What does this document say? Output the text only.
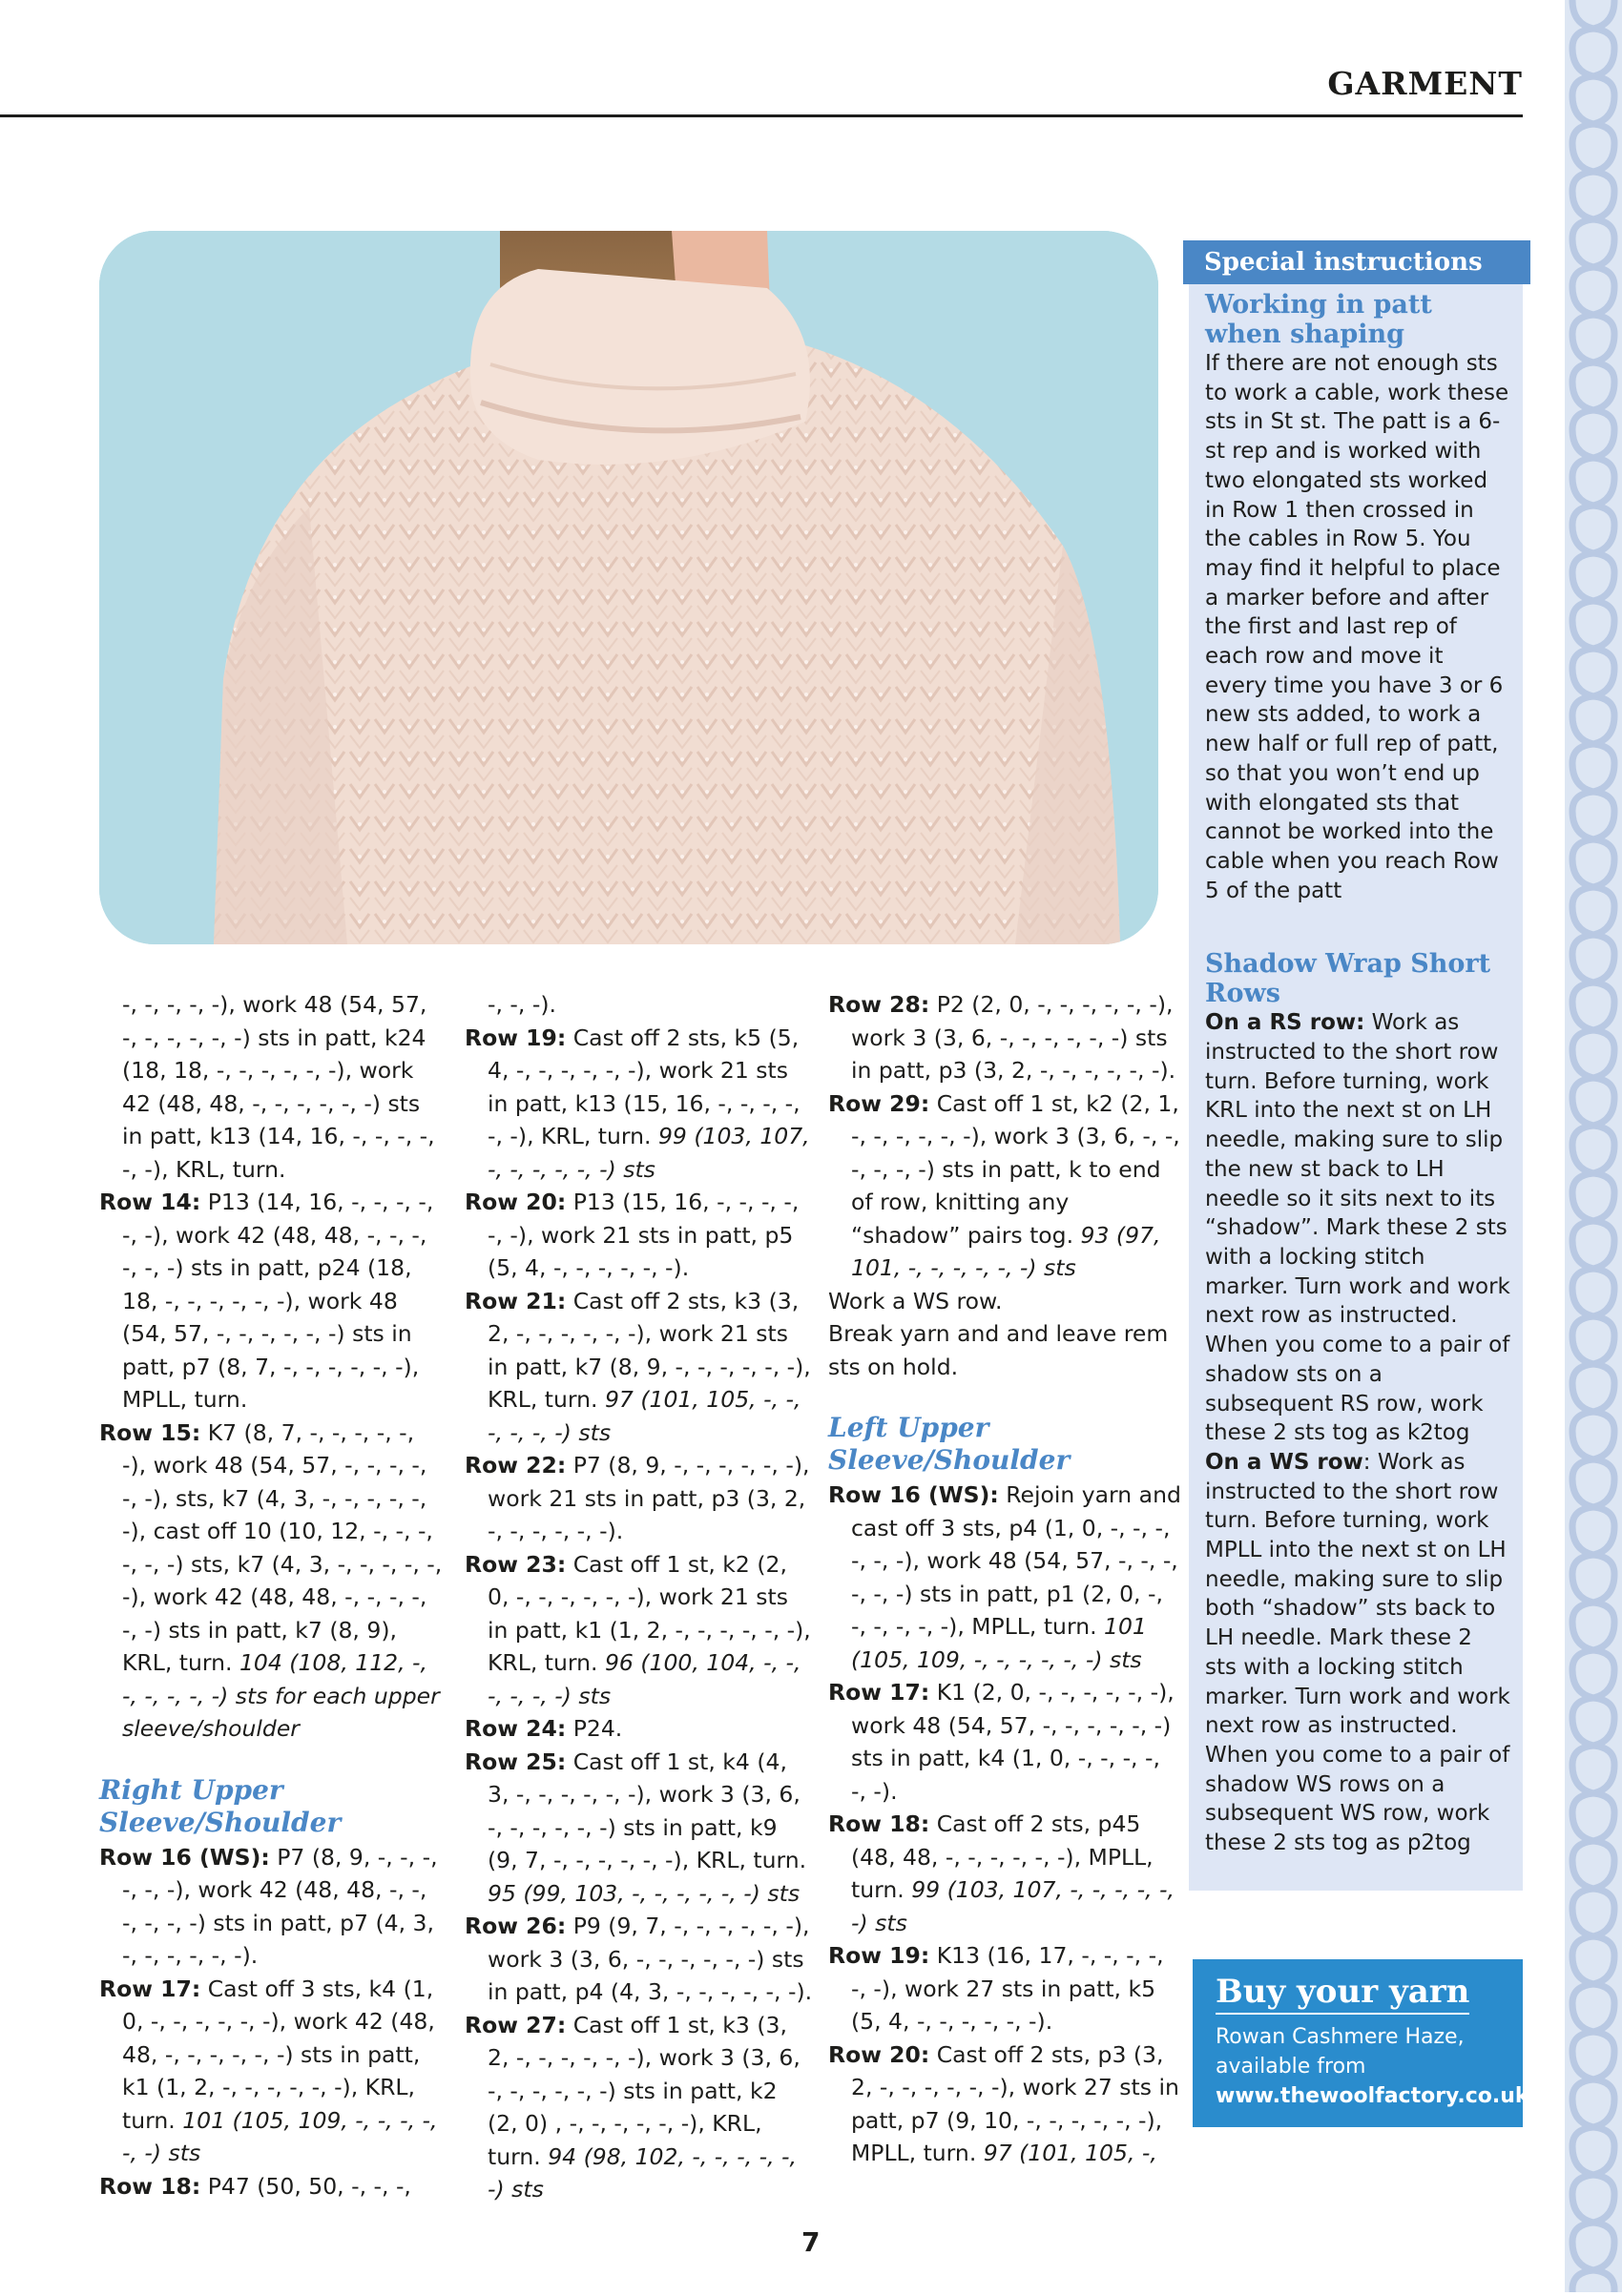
GARMENT

-, -, -, -, -), work 48 (54, 57, -, -, -, -, -, -) sts in patt, k24 (18, 18, -, -, -, -, -, -), work 42 (48, 48, -, -, -, -, -, -) sts in patt, k13 (14, 16, -, -, -, -, -, -), KRL, turn.

Row 14: P13 (14, 16, -, -, -, -, -, -), work 42 (48, 48, -, -, -, -, -, -) sts in patt, p24 (18, 18, -, -, -, -, -, -), work 48 (54, 57, -, -, -, -, -, -) sts in patt, p7 (8, 7, -, -, -, -, -, -), MPLL, turn.

Row 15: K7 (8, 7, -, -, -, -, -, -), work 48 (54, 57, -, -, -, -, -, -), sts, k7 (4, 3, -, -, -, -, -, -), cast off 10 (10, 12, -, -, -, -, -, -) sts, k7 (4, 3, -, -, -, -, -, -), work 42 (48, 48, -, -, -, -, -, -) sts in patt, k7 (8, 9), KRL, turn. 104 (108, 112, -, -, -, -, -, -) sts for each upper sleeve/shoulder

Right Upper Sleeve/Shoulder

Row 16 (WS): P7 (8, 9, -, -, -, -, -, -), work 42 (48, 48, -, -, -, -, -, -) sts in patt, p7 (4, 3, -, -, -, -, -, -).

Row 17: Cast off 3 sts, k4 (1, 0, -, -, -, -, -, -), work 42 (48, 48, -, -, -, -, -, -) sts in patt, k1 (1, 2, -, -, -, -, -, -), KRL, turn. 101 (105, 109, -, -, -, -, -, -) sts

Row 18: P47 (50, 50, -, -, -,

-, -, -).

Row 19: Cast off 2 sts, k5 (5, 4, -, -, -, -, -, -), work 21 sts in patt, k13 (15, 16, -, -, -, -, -, -), KRL, turn. 99 (103, 107, -, -, -, -, -, -) sts

Row 20: P13 (15, 16, -, -, -, -, -, -), work 21 sts in patt, p5 (5, 4, -, -, -, -, -, -).

Row 21: Cast off 2 sts, k3 (3, 2, -, -, -, -, -, -), work 21 sts in patt, k7 (8, 9, -, -, -, -, -, -), KRL, turn. 97 (101, 105, -, -, -, -, -, -) sts

Row 22: P7 (8, 9, -, -, -, -, -, -), work 21 sts in patt, p3 (3, 2, -, -, -, -, -, -).

Row 23: Cast off 1 st, k2 (2, 0, -, -, -, -, -, -), work 21 sts in patt, k1 (1, 2, -, -, -, -, -, -), KRL, turn. 96 (100, 104, -, -, -, -, -, -) sts

Row 24: P24.

Row 25: Cast off 1 st, k4 (4, 3, -, -, -, -, -, -), work 3 (3, 6, -, -, -, -, -, -) sts in patt, k9 (9, 7, -, -, -, -, -, -), KRL, turn. 95 (99, 103, -, -, -, -, -, -) sts

Row 26: P9 (9, 7, -, -, -, -, -, -), work 3 (3, 6, -, -, -, -, -, -) sts in patt, p4 (4, 3, -, -, -, -, -, -).

Row 27: Cast off 1 st, k3 (3, 2, -, -, -, -, -, -), work 3 (3, 6, -, -, -, -, -, -) sts in patt, k2 (2, 0) , -, -, -, -, -, -), KRL, turn. 94 (98, 102, -, -, -, -, -, -) sts

Row 28: P2 (2, 0, -, -, -, -, -, -), work 3 (3, 6, -, -, -, -, -, -) sts in patt, p3 (3, 2, -, -, -, -, -, -).

Row 29: Cast off 1 st, k2 (2, 1, -, -, -, -, -, -), work 3 (3, 6, -, -, -, -, -, -) sts in patt, k to end of row, knitting any “shadow” pairs tog. 93 (97, 101, -, -, -, -, -, -) sts

Work a WS row.

Break yarn and and leave rem sts on hold.

Left Upper Sleeve/Shoulder

Row 16 (WS): Rejoin yarn and cast off 3 sts, p4 (1, 0, -, -, -, -, -, -), work 48 (54, 57, -, -, -, -, -, -) sts in patt, p1 (2, 0, -, -, -, -, -, -), MPLL, turn. 101 (105, 109, -, -, -, -, -, -) sts

Row 17: K1 (2, 0, -, -, -, -, -, -), work 48 (54, 57, -, -, -, -, -, -) sts in patt, k4 (1, 0, -, -, -, -, -, -).

Row 18: Cast off 2 sts, p45 (48, 48, -, -, -, -, -, -), MPLL, turn. 99 (103, 107, -, -, -, -, -, -) sts

Row 19: K13 (16, 17, -, -, -, -, -, -), work 27 sts in patt, k5 (5, 4, -, -, -, -, -, -).

Row 20: Cast off 2 sts, p3 (3, 2, -, -, -, -, -, -), work 27 sts in patt, p7 (9, 10, -, -, -, -, -, -), MPLL, turn. 97 (101, 105, -,

Special instructions
Working in patt when shaping

If there are not enough sts to work a cable, work these sts in St st. The patt is a 6-st rep and is worked with two elongated sts worked in Row 1 then crossed in the cables in Row 5. You may find it helpful to place a marker before and after the first and last rep of each row and move it every time you have 3 or 6 new sts added, to work a new half or full rep of patt, so that you won’t end up with elongated sts that cannot be worked into the cable when you reach Row 5 of the patt

Shadow Wrap Short Rows

On a RS row: Work as instructed to the short row turn. Before turning, work KRL into the next st on LH needle, making sure to slip the new st back to LH needle so it sits next to its “shadow”. Mark these 2 sts with a locking stitch marker. Turn work and work next row as instructed. When you come to a pair of shadow sts on a subsequent RS row, work these 2 sts tog as k2tog

On a WS row: Work as instructed to the short row turn. Before turning, work MPLL into the next st on LH needle, making sure to slip both “shadow” sts back to LH needle. Mark these 2 sts with a locking stitch marker. Turn work and work next row as instructed. When you come to a pair of shadow WS rows on a subsequent WS row, work these 2 sts tog as p2tog

Buy your yarn

Rowan Cashmere Haze, available from

www.thewoolfactory.co.uk

7
